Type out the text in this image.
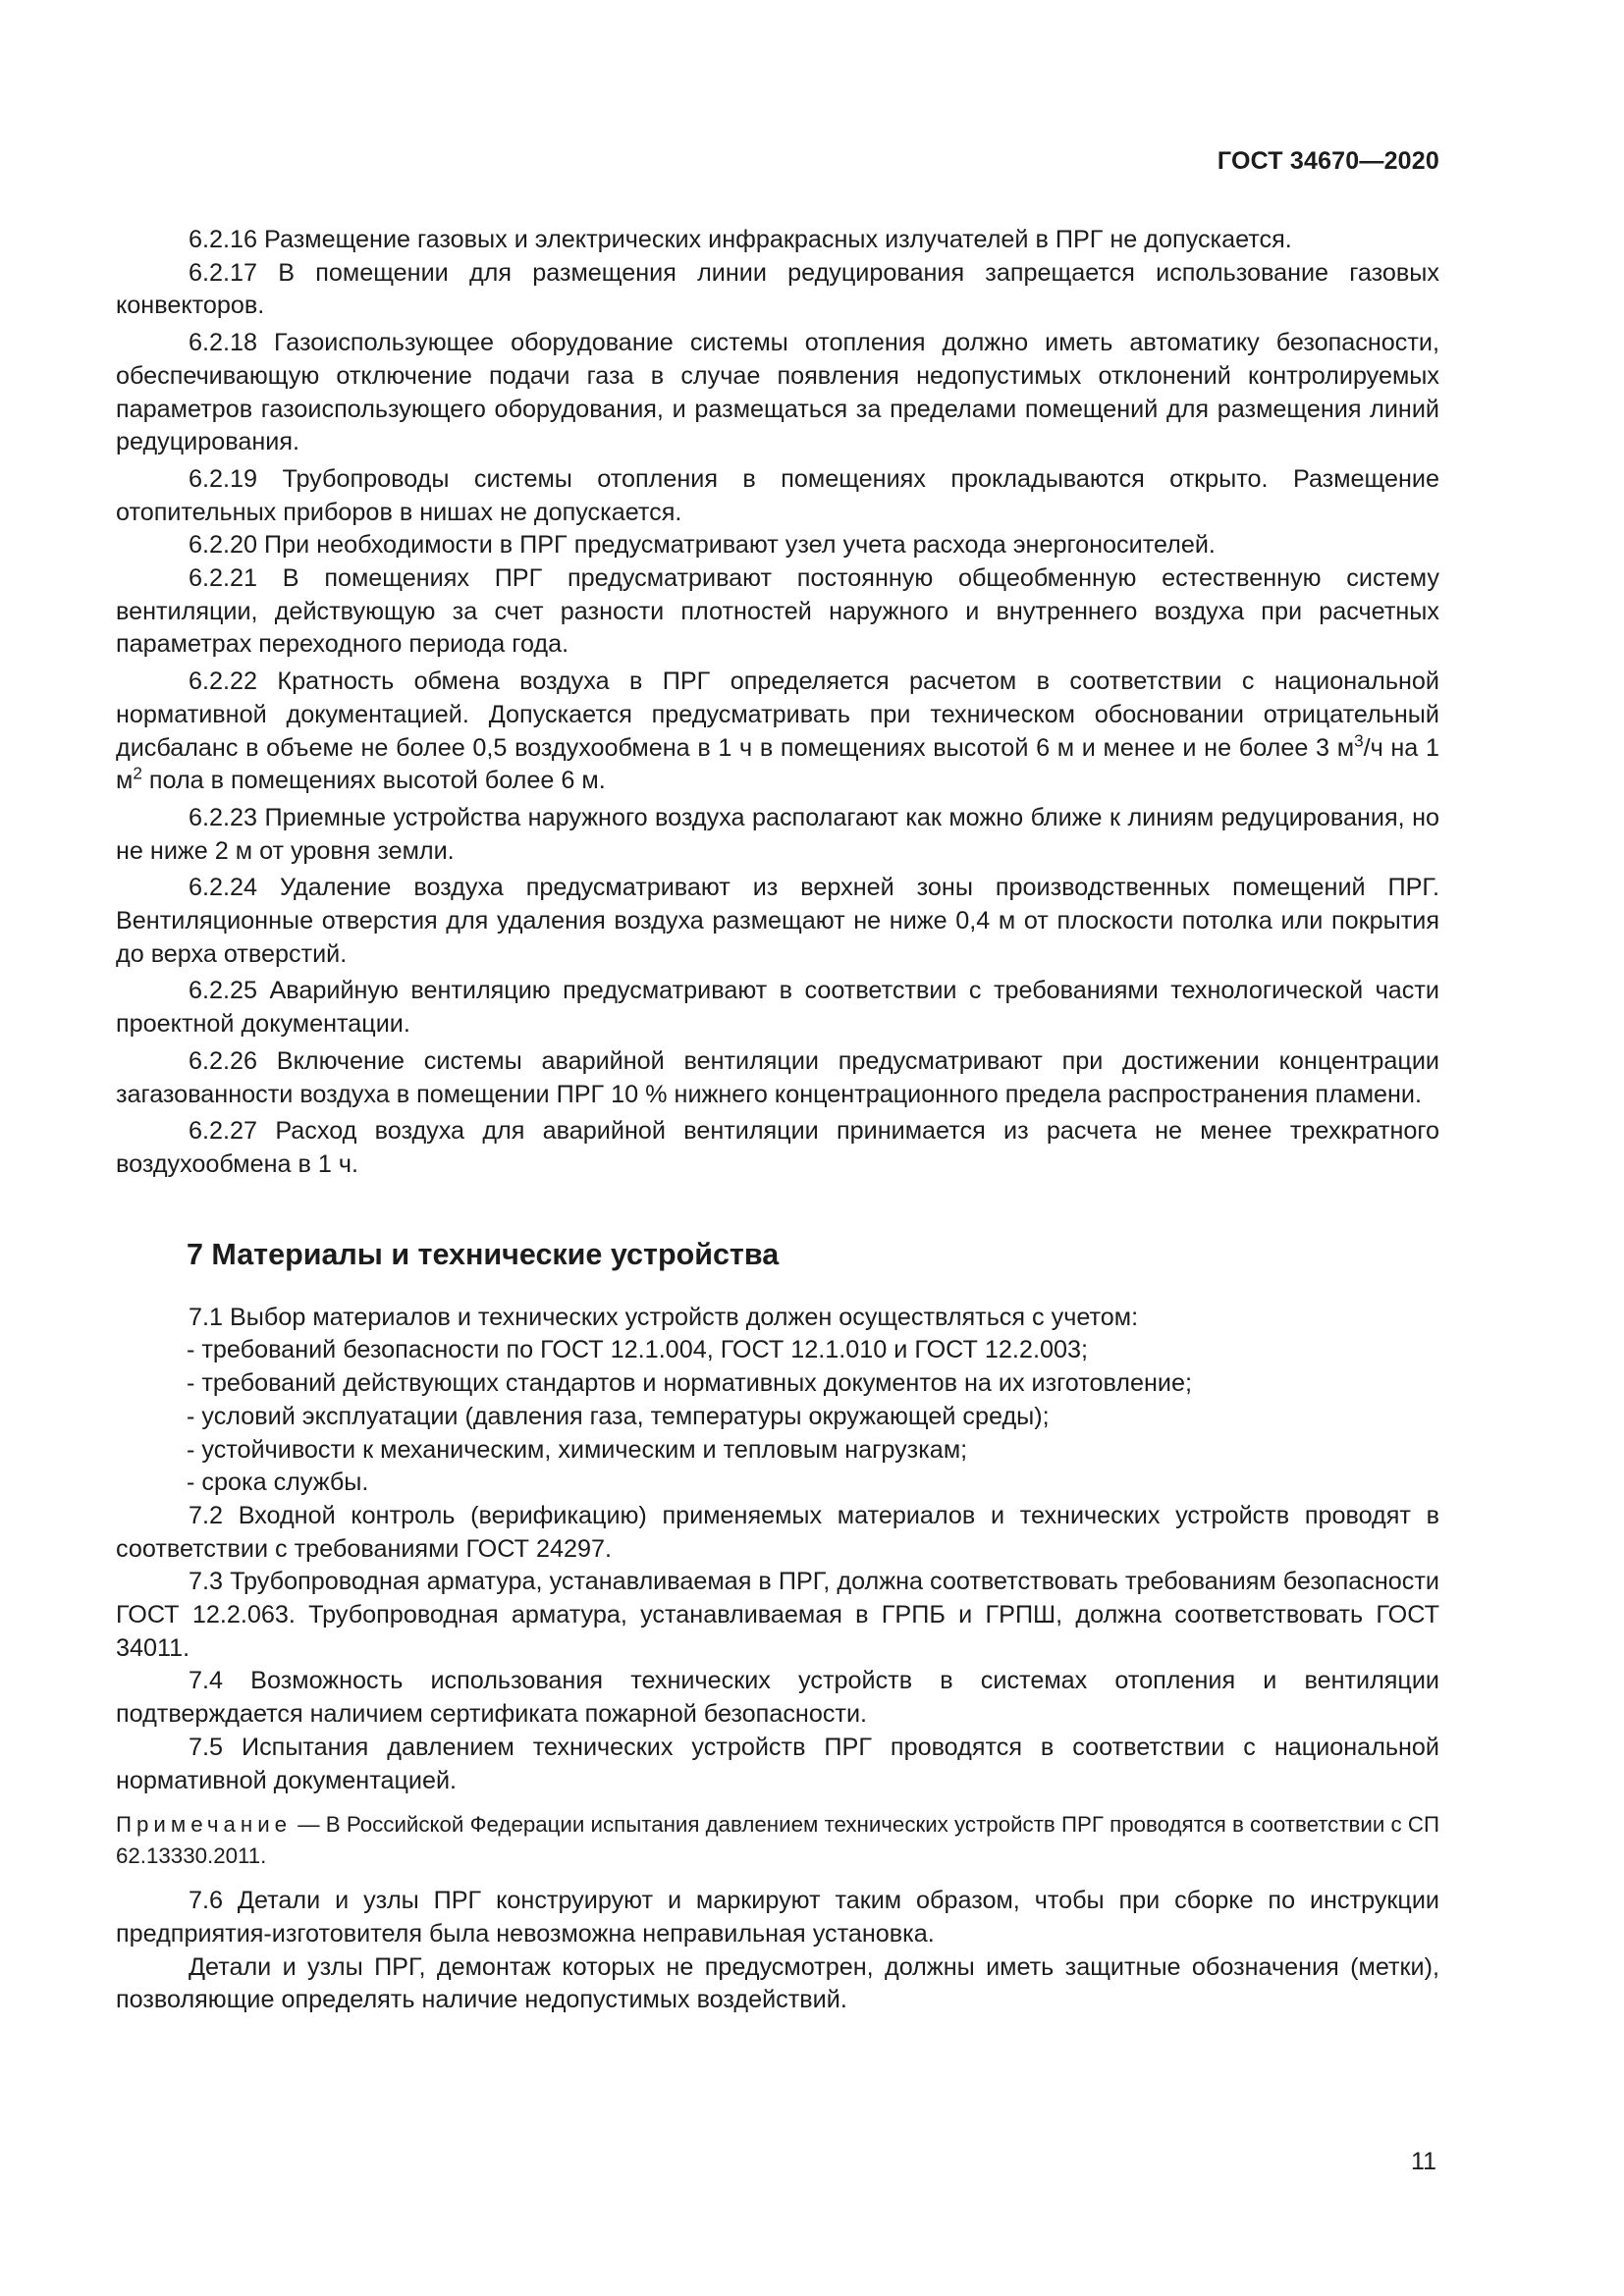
ГОСТ 34670—2020

6.2.16 Размещение газовых и электрических инфракрасных излучателей в ПРГ не допускается.

6.2.17 В помещении для размещения линии редуцирования запрещается использование газовых конвекторов.

6.2.18 Газоиспользующее оборудование системы отопления должно иметь автоматику безопасности, обеспечивающую отключение подачи газа в случае появления недопустимых отклонений контролируемых параметров газоиспользующего оборудования, и размещаться за пределами помещений для размещения линий редуцирования.

6.2.19 Трубопроводы системы отопления в помещениях прокладываются открыто. Размещение отопительных приборов в нишах не допускается.

6.2.20 При необходимости в ПРГ предусматривают узел учета расхода энергоносителей.

6.2.21 В помещениях ПРГ предусматривают постоянную общеобменную естественную систему вентиляции, действующую за счет разности плотностей наружного и внутреннего воздуха при расчетных параметрах переходного периода года.

6.2.22 Кратность обмена воздуха в ПРГ определяется расчетом в соответствии с национальной нормативной документацией. Допускается предусматривать при техническом обосновании отрицательный дисбаланс в объеме не более 0,5 воздухообмена в 1 ч в помещениях высотой 6 м и менее и не более 3 $м^3/ч$ на 1 $м^2$ пола в помещениях высотой более 6 м.

6.2.23 Приемные устройства наружного воздуха располагают как можно ближе к линиям редуцирования, но не ниже 2 м от уровня земли.

6.2.24 Удаление воздуха предусматривают из верхней зоны производственных помещений ПРГ. Вентиляционные отверстия для удаления воздуха размещают не ниже 0,4 м от плоскости потолка или покрытия до верха отверстий.

6.2.25 Аварийную вентиляцию предусматривают в соответствии с требованиями технологической части проектной документации.

6.2.26 Включение системы аварийной вентиляции предусматривают при достижении концентрации загазованности воздуха в помещении ПРГ 10 % нижнего концентрационного предела распространения пламени.

6.2.27 Расход воздуха для аварийной вентиляции принимается из расчета не менее трехкратного воздухообмена в 1 ч.

7 Материалы и технические устройства

7.1 Выбор материалов и технических устройств должен осуществляться с учетом:

- требований безопасности по ГОСТ 12.1.004, ГОСТ 12.1.010 и ГОСТ 12.2.003;

- требований действующих стандартов и нормативных документов на их изготовление;

- условий эксплуатации (давления газа, температуры окружающей среды);

- устойчивости к механическим, химическим и тепловым нагрузкам;

- срока службы.

7.2 Входной контроль (верификацию) применяемых материалов и технических устройств проводят в соответствии с требованиями ГОСТ 24297.

7.3 Трубопроводная арматура, устанавливаемая в ПРГ, должна соответствовать требованиям безопасности ГОСТ 12.2.063. Трубопроводная арматура, устанавливаемая в ГРПБ и ГРПШ, должна соответствовать ГОСТ 34011.

7.4 Возможность использования технических устройств в системах отопления и вентиляции подтверждается наличием сертификата пожарной безопасности.

7.5 Испытания давлением технических устройств ПРГ проводятся в соответствии с национальной нормативной документацией.

Примечание — В Российской Федерации испытания давлением технических устройств ПРГ проводятся в соответствии с СП 62.13330.2011.

7.6 Детали и узлы ПРГ конструируют и маркируют таким образом, чтобы при сборке по инструкции предприятия-изготовителя была невозможна неправильная установка.

Детали и узлы ПРГ, демонтаж которых не предусмотрен, должны иметь защитные обозначения (метки), позволяющие определять наличие недопустимых воздействий.

11
